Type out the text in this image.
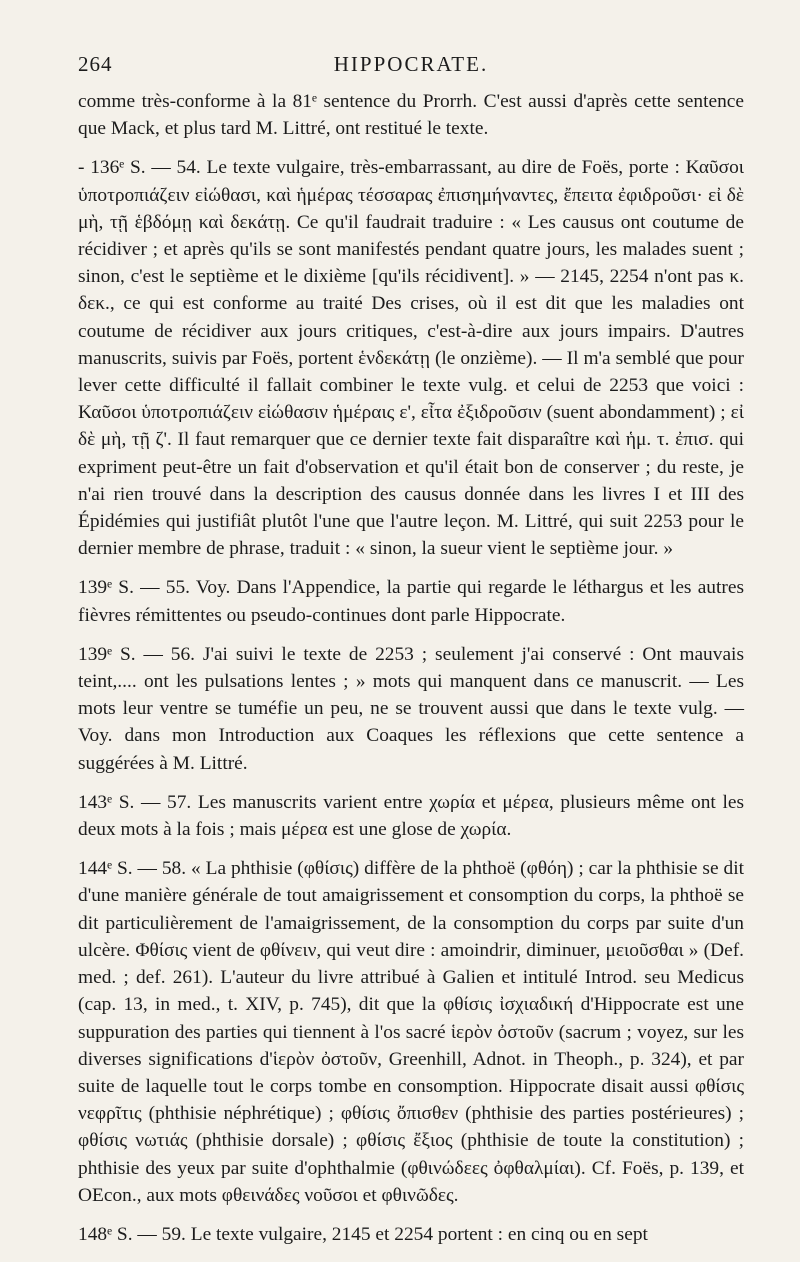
264	HIPPOCRATE.

comme très-conforme à la 81ᵉ sentence du Prorrh. C'est aussi d'après cette sentence que Mack, et plus tard M. Littré, ont restitué le texte.

- 136ᵉ S. — 54. Le texte vulgaire, très-embarrassant, au dire de Foës, porte : Καῦσοι ὑποτροπιάζειν εἰώθασι, καὶ ἡμέρας τέσσαρας ἐπισημήναντες, ἔπειτα ἐφιδροῦσι· εἰ δὲ μὴ, τῇ ἑβδόμῃ καὶ δεκάτῃ. Ce qu'il faudrait traduire : « Les causus ont coutume de récidiver ; et après qu'ils se sont manifestés pendant quatre jours, les malades suent ; sinon, c'est le septième et le dixième [qu'ils récidivent]. » — 2145, 2254 n'ont pas κ. δεκ., ce qui est conforme au traité Des crises, où il est dit que les maladies ont coutume de récidiver aux jours critiques, c'est-à-dire aux jours impairs. D'autres manuscrits, suivis par Foës, portent ἑνδεκάτῃ (le onzième). — Il m'a semblé que pour lever cette difficulté il fallait combiner le texte vulg. et celui de 2253 que voici : Καῦσοι ὑποτροπιάζειν εἰώθασιν ἡμέραις ε', εἶτα ἐξιδροῦσιν (suent abondamment) ; εἰ δὲ μὴ, τῇ ζ'. Il faut remarquer que ce dernier texte fait disparaître καὶ ἡμ. τ. ἐπισ. qui expriment peut-être un fait d'observation et qu'il était bon de conserver ; du reste, je n'ai rien trouvé dans la description des causus donnée dans les livres I et III des Épidémies qui justifiât plutôt l'une que l'autre leçon. M. Littré, qui suit 2253 pour le dernier membre de phrase, traduit : « sinon, la sueur vient le septième jour. »

139ᵉ S. — 55. Voy. Dans l'Appendice, la partie qui regarde le léthargus et les autres fièvres rémittentes ou pseudo-continues dont parle Hippocrate.

139ᵉ S. — 56. J'ai suivi le texte de 2253 ; seulement j'ai conservé : Ont mauvais teint,.... ont les pulsations lentes ; » mots qui manquent dans ce manuscrit. — Les mots leur ventre se tuméfie un peu, ne se trouvent aussi que dans le texte vulg. — Voy. dans mon Introduction aux Coaques les réflexions que cette sentence a suggérées à M. Littré.

143ᵉ S. — 57. Les manuscrits varient entre χωρία et μέρεα, plusieurs même ont les deux mots à la fois ; mais μέρεα est une glose de χωρία.

144ᵉ S. — 58. « La phthisie (φθίσις) diffère de la phthoë (φθόη) ; car la phthisie se dit d'une manière générale de tout amaigrissement et consomption du corps, la phthoë se dit particulièrement de l'amaigrissement, de la consomption du corps par suite d'un ulcère. Φθίσις vient de φθίνειν, qui veut dire : amoindrir, diminuer, μειοῦσθαι » (Def. med. ; def. 261). L'auteur du livre attribué à Galien et intitulé Introd. seu Medicus (cap. 13, in med., t. XIV, p. 745), dit que la φθίσις ἰσχιαδική d'Hippocrate est une suppuration des parties qui tiennent à l'os sacré ἱερὸν ὀστοῦν (sacrum ; voyez, sur les diverses significations d'ἱερὸν ὀστοῦν, Greenhill, Adnot. in Theoph., p. 324), et par suite de laquelle tout le corps tombe en consomption. Hippocrate disait aussi φθίσις νεφρῖτις (phthisie néphrétique) ; φθίσις ὄπισθεν (phthisie des parties postérieures) ; φθίσις νωτιάς (phthisie dorsale) ; φθίσις ἔξιος (phthisie de toute la constitution) ; phthisie des yeux par suite d'ophthalmie (φθινώδεες ὀφθαλμίαι). Cf. Foës, p. 139, et OEcon., aux mots φθεινάδες νοῦσοι et φθινῶδες.

148ᵉ S. — 59. Le texte vulgaire, 2145 et 2254 portent : en cinq ou en sept
